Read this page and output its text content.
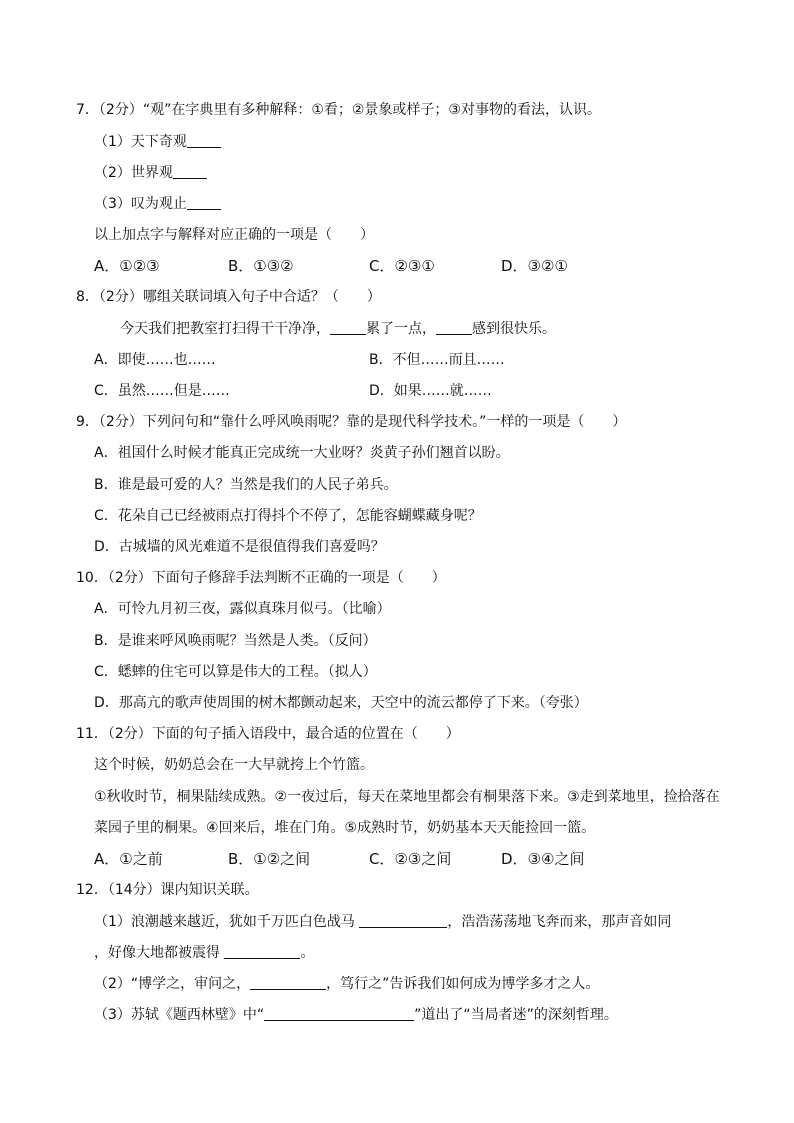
7．（2分）“观”在字典里有多种解释：①看；②景象或样子；③对事物的看法，认识。
（1）天下奇观
（2）世界观
（3）叹为观止
以上加点字与解释对应正确的一项是（　　）
A．①②③	B．①③②	C．②③①	D．③②①
8．（2分）哪组关联词填入句子中合适？（　　）
今天我们把教室打扫得干干净净，	累了一点，	感到很快乐。
A．即使……也……	B．不但……而且……
C．虽然……但是……	D．如果……就……
9．（2分）下列问句和“靠什么呼风唤雨呢？靠的是现代科学技术。”一样的一项是（　　）
A．祖国什么时候才能真正完成统一大业呀？炎黄子孙们翘首以盼。
B．谁是最可爱的人？当然是我们的人民子弟兵。
C．花朵自己已经被雨点打得抖个不停了，怎能容蝴蝶藏身呢？
D．古城墙的风光难道不是很值得我们喜爱吗？
10．（2分）下面句子修辞手法判断不正确的一项是（　　）
A．可怜九月初三夜，露似真珠月似弓。（比喻）
B．是谁来呼风唤雨呢？当然是人类。（反问）
C．蟋蟀的住宅可以算是伟大的工程。（拟人）
D．那高亢的歌声使周围的树木都颤动起来，天空中的流云都停了下来。（夸张）
11．（2分）下面的句子插入语段中，最合适的位置在（　　）
这个时候，奶奶总会在一大早就挎上个竹篮。
①秋收时节，桐果陆续成熟。②一夜过后，每天在菜地里都会有桐果落下来。③走到菜地里，捡拾落在
菜园子里的桐果。④回来后，堆在门角。⑤成熟时节，奶奶基本天天能捡回一篮。
A．①之前	B．①②之间	C．②③之间	D．③④之间
12．（14分）课内知识关联。
（1）浪潮越来越近，犹如千万匹白色战马	，浩浩荡荡地飞奔而来，那声音如同
，好像大地都被震得	。
（2）“博学之，审问之，	，笃行之”告诉我们如何成为博学多才之人。
（3）苏轼《题西林壁》中“	”道出了“当局者迷”的深刻哲理。
